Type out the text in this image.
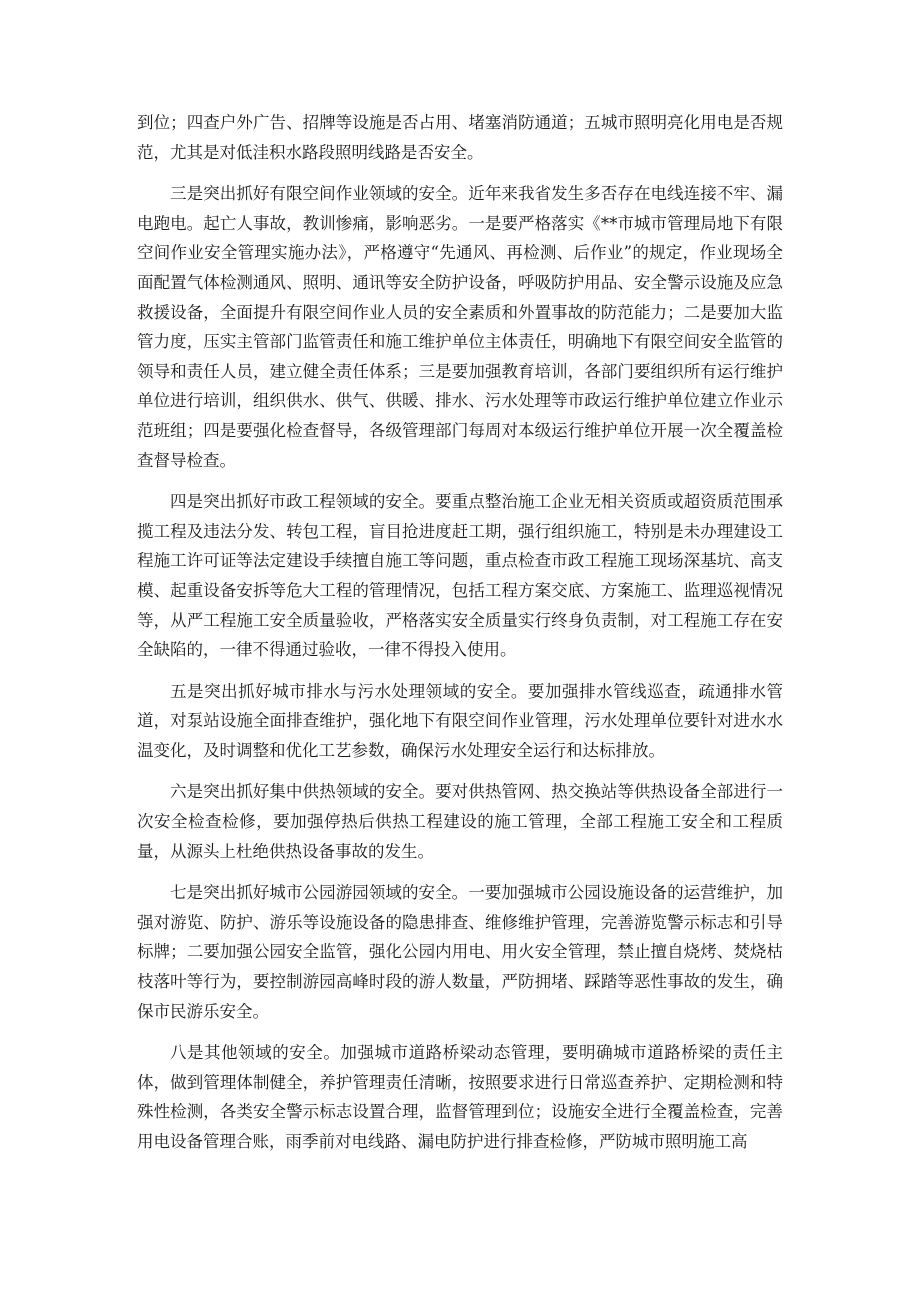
到位；四查户外广告、招牌等设施是否占用、堵塞消防通道；五城市照明亮化用电是否规范，尤其是对低洼积水路段照明线路是否安全。

三是突出抓好有限空间作业领域的安全。近年来我省发生多否存在电线连接不牢、漏电跑电。起亡人事故，教训惨痛，影响恶劣。一是要严格落实《**市城市管理局地下有限空间作业安全管理实施办法》，严格遵守“先通风、再检测、后作业”的规定，作业现场全面配置气体检测通风、照明、通讯等安全防护设备，呼吸防护用品、安全警示设施及应急救援设备，全面提升有限空间作业人员的安全素质和外置事故的防范能力；二是要加大监管力度，压实主管部门监管责任和施工维护单位主体责任，明确地下有限空间安全监管的领导和责任人员，建立健全责任体系；三是要加强教育培训，各部门要组织所有运行维护单位进行培训，组织供水、供气、供暖、排水、污水处理等市政运行维护单位建立作业示范班组；四是要强化检查督导，各级管理部门每周对本级运行维护单位开展一次全覆盖检查督导检查。

四是突出抓好市政工程领域的安全。要重点整治施工企业无相关资质或超资质范围承揽工程及违法分发、转包工程，盲目抢进度赶工期，强行组织施工，特别是未办理建设工程施工许可证等法定建设手续擅自施工等问题，重点检查市政工程施工现场深基坑、高支模、起重设备安拆等危大工程的管理情况，包括工程方案交底、方案施工、监理巡视情况等，从严工程施工安全质量验收，严格落实安全质量实行终身负责制，对工程施工存在安全缺陷的，一律不得通过验收，一律不得投入使用。

五是突出抓好城市排水与污水处理领域的安全。要加强排水管线巡查，疏通排水管道，对泵站设施全面排查维护，强化地下有限空间作业管理，污水处理单位要针对进水水温变化，及时调整和优化工艺参数，确保污水处理安全运行和达标排放。

六是突出抓好集中供热领域的安全。要对供热管网、热交换站等供热设备全部进行一次安全检查检修，要加强停热后供热工程建设的施工管理，全部工程施工安全和工程质量，从源头上杜绝供热设备事故的发生。

七是突出抓好城市公园游园领域的安全。一要加强城市公园设施设备的运营维护，加强对游览、防护、游乐等设施设备的隐患排查、维修维护管理，完善游览警示标志和引导标牌；二要加强公园安全监管，强化公园内用电、用火安全管理，禁止擅自烧烤、焚烧枯枝落叶等行为，要控制游园高峰时段的游人数量，严防拥堵、踩踏等恶性事故的发生，确保市民游乐安全。

八是其他领域的安全。加强城市道路桥梁动态管理，要明确城市道路桥梁的责任主体，做到管理体制健全，养护管理责任清晰，按照要求进行日常巡查养护、定期检测和特殊性检测，各类安全警示标志设置合理，监督管理到位；设施安全进行全覆盖检查，完善用电设备管理合账，雨季前对电线路、漏电防护进行排查检修，严防城市照明施工高
